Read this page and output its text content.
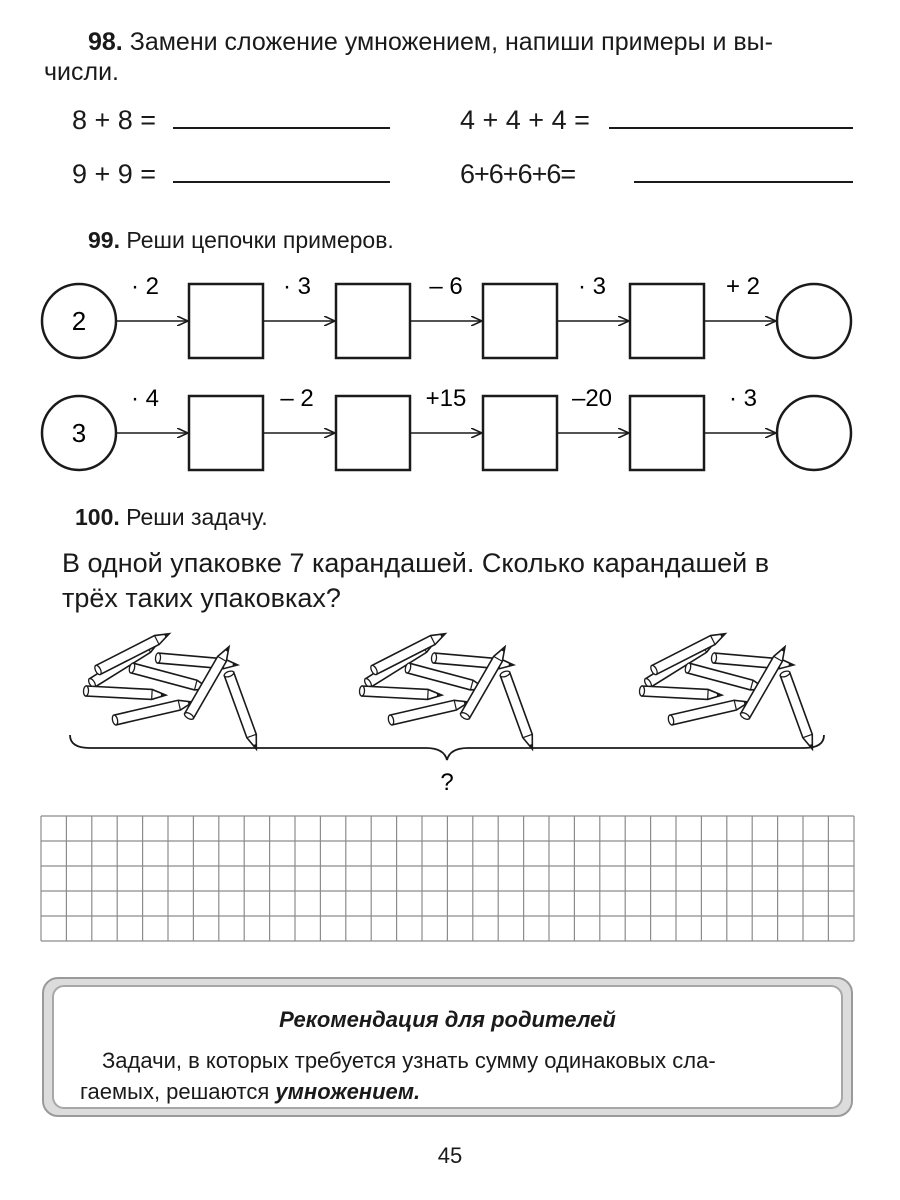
98. Замени сложение умножением, напиши примеры и вы-
числи.
8 + 8 =	4 + 4 + 4 =
9 + 9 =	6+6+6+6=
99. Реши цепочки примеров.
2
· 2	· 3	– 6	· 3	+ 2
3
· 4	– 2	+15	–20	· 3
100. Реши задачу.
В одной упаковке 7 карандашей. Сколько карандашей в
трёх таких упаковках?
?
Рекомендация для родителей
Задачи, в которых требуется узнать сумму одинаковых сла-
гаемых, решаются умножением.
45
